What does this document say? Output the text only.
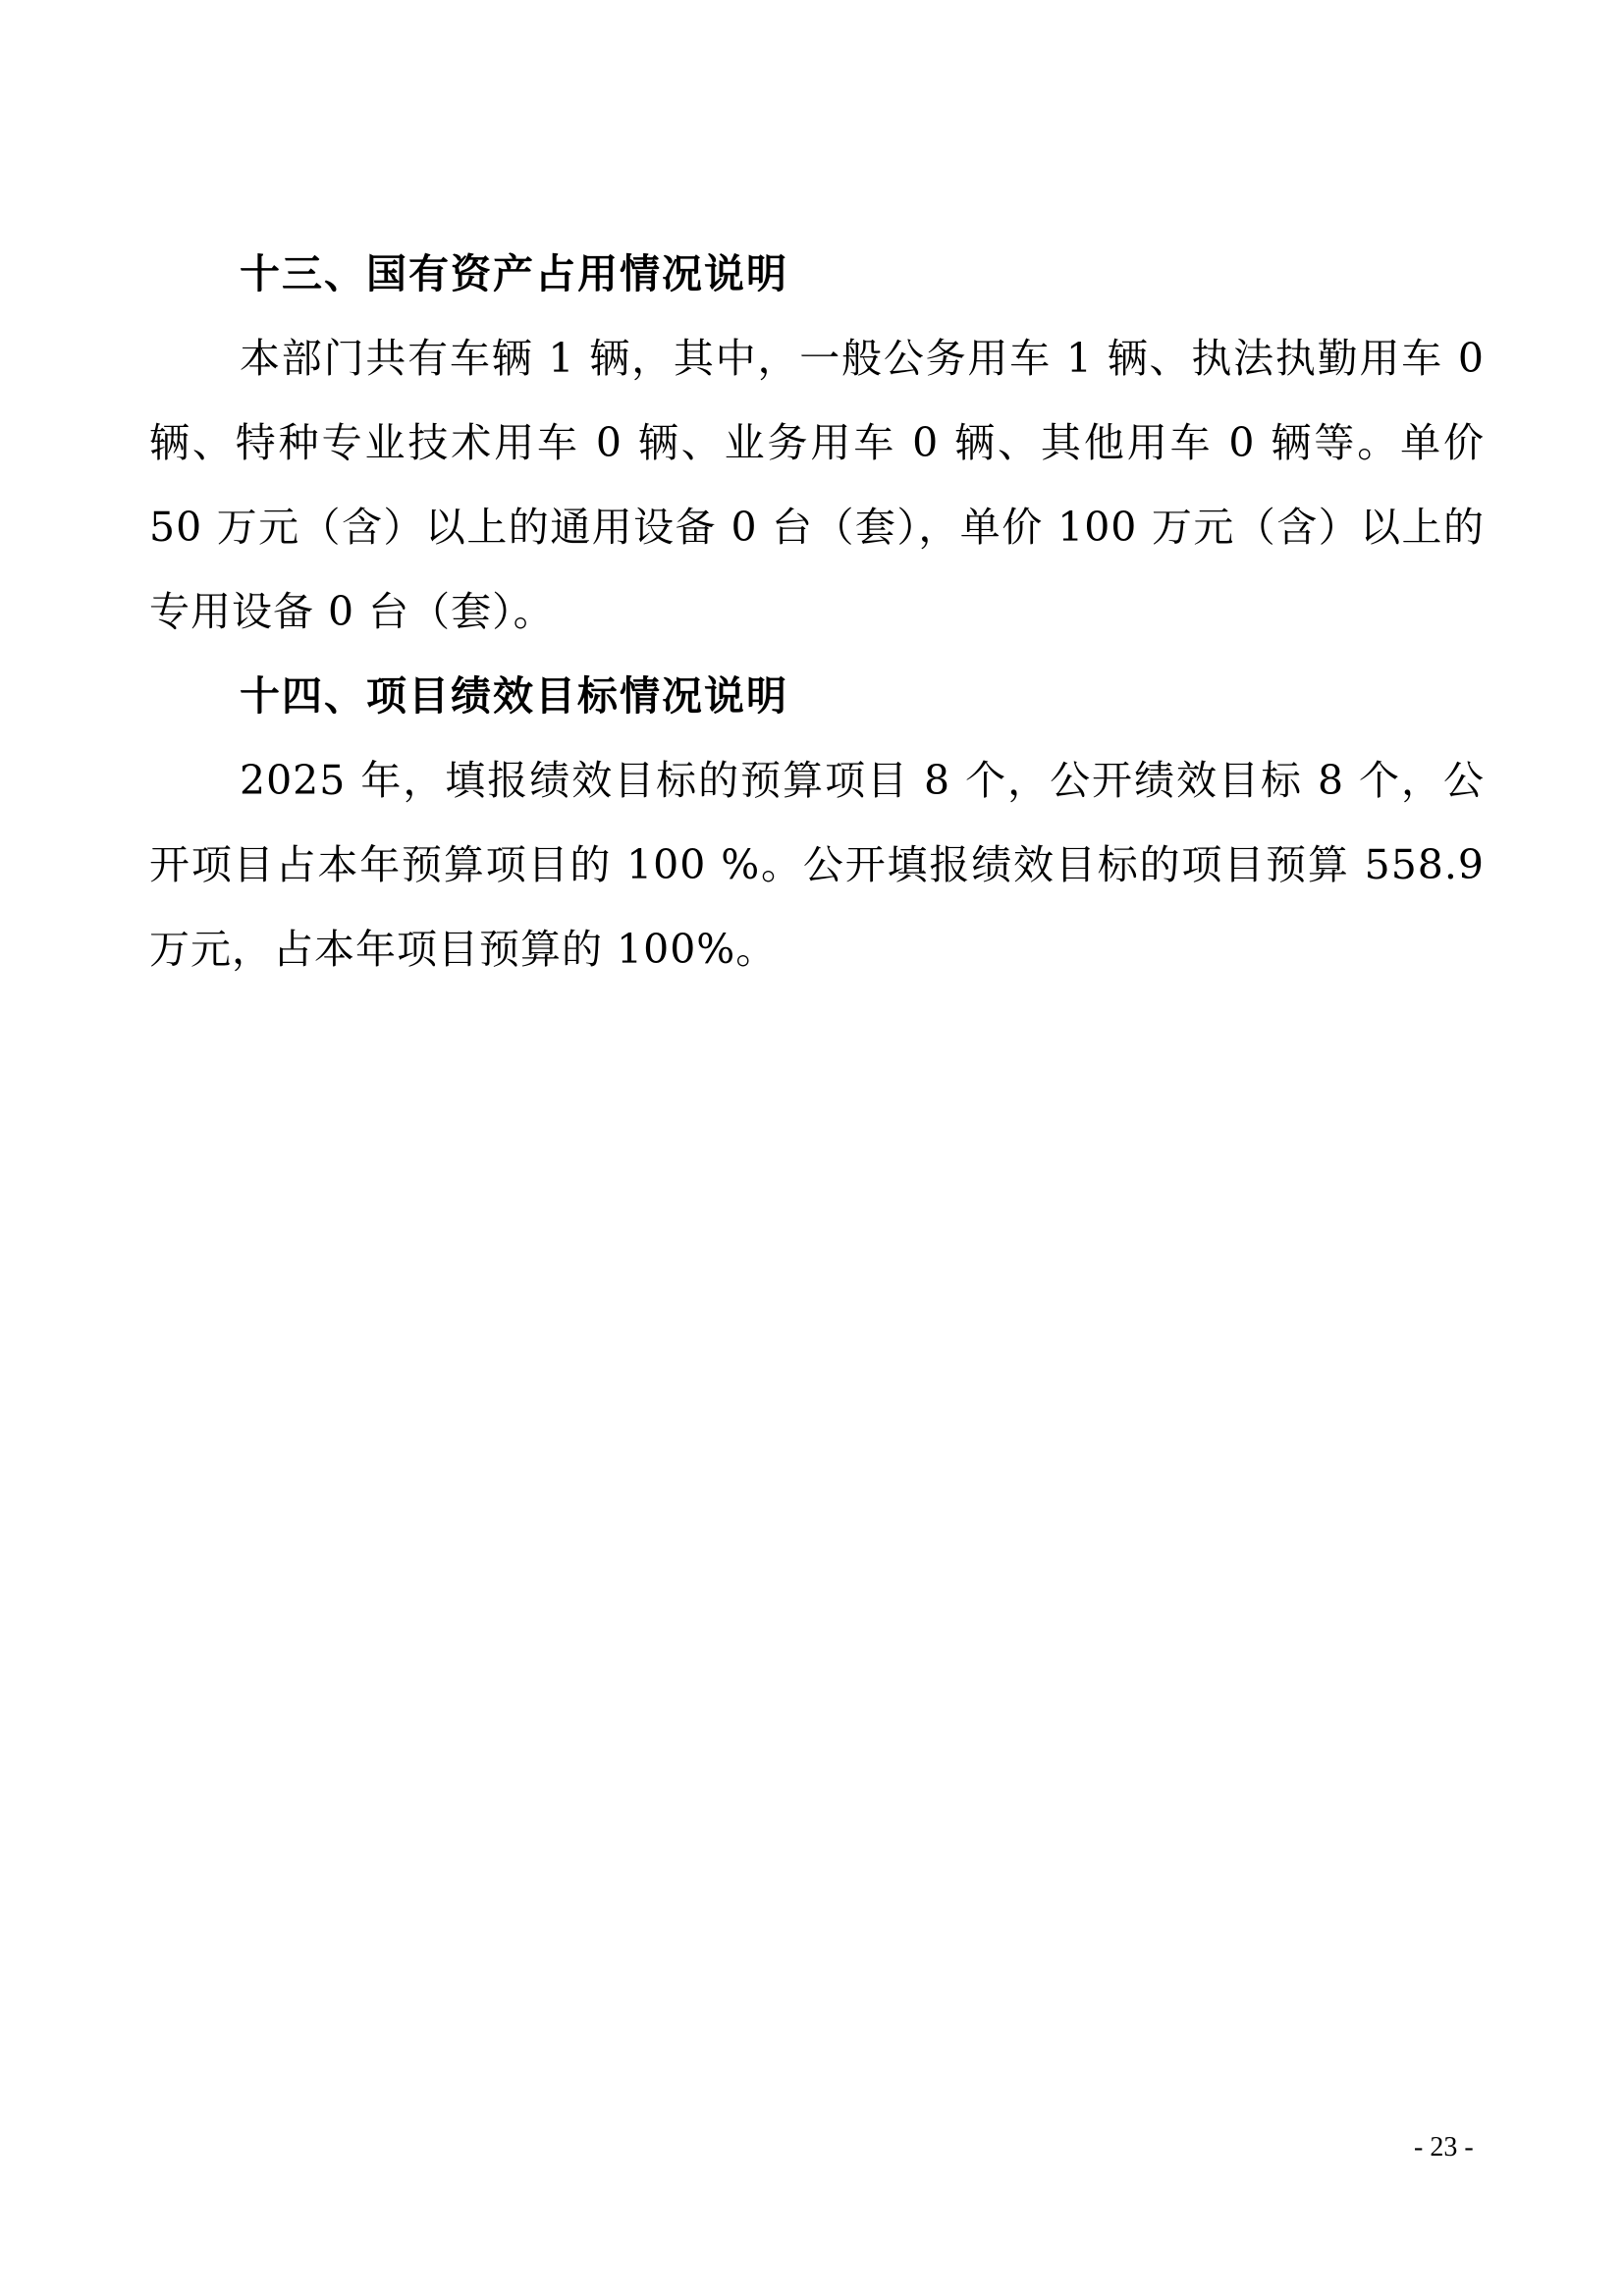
十三、国有资产占用情况说明

本部门共有车辆 1 辆，其中，一般公务用车 1 辆、执法执勤用车 0 辆、特种专业技术用车 0 辆、业务用车 0 辆、其他用车 0 辆等。单价 50 万元（含）以上的通用设备 0 台（套），单价 100 万元（含）以上的专用设备 0 台（套）。

十四、项目绩效目标情况说明

2025 年，填报绩效目标的预算项目 8 个，公开绩效目标 8 个，公开项目占本年预算项目的 100 %。公开填报绩效目标的项目预算 558.9 万元，占本年项目预算的 100%。

- 23 -
